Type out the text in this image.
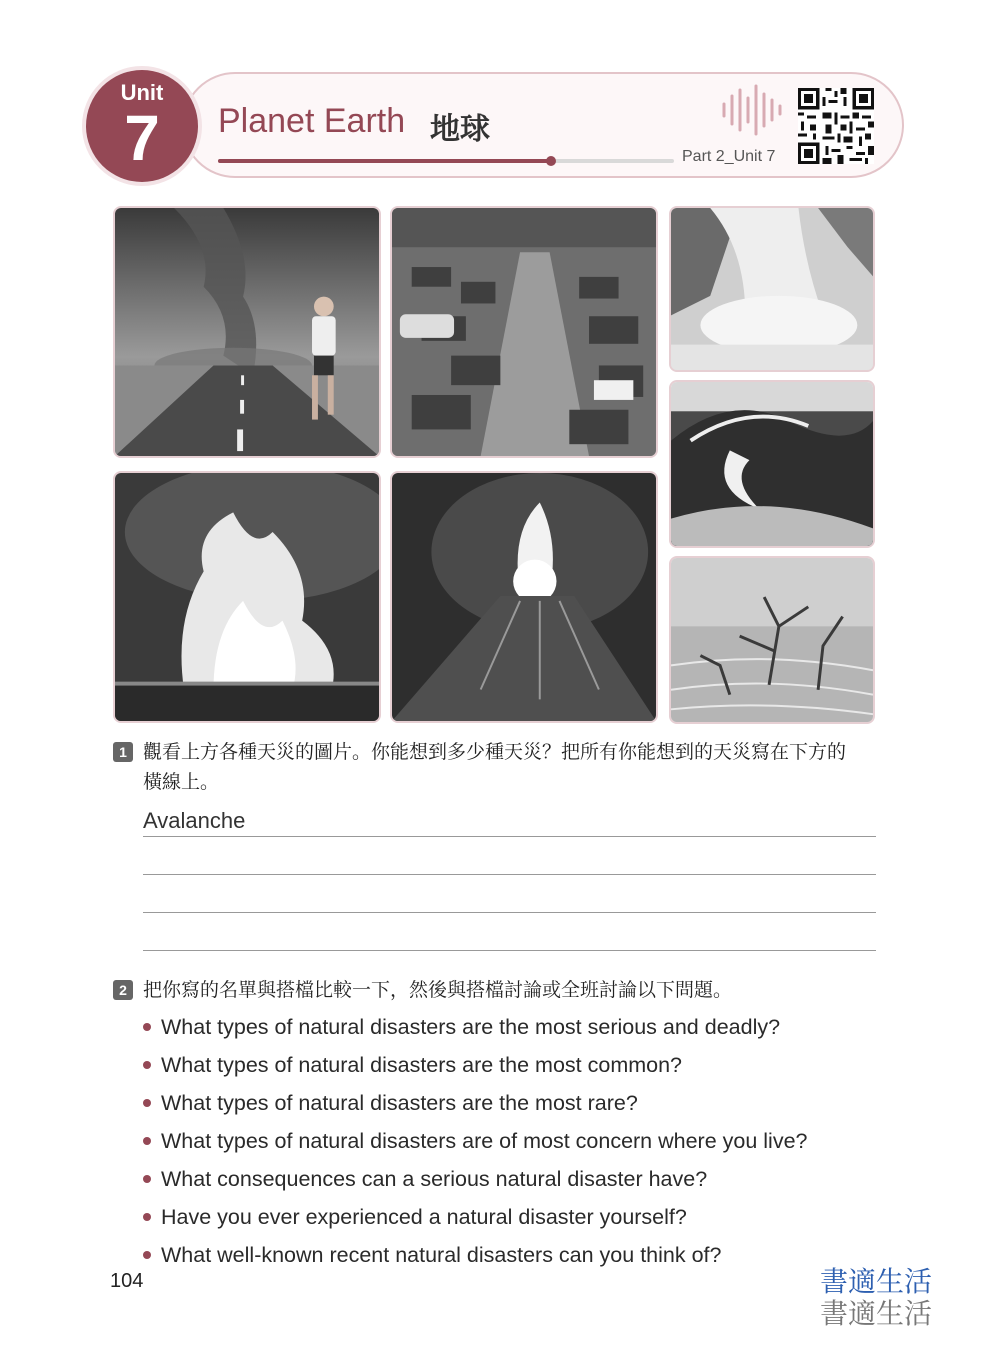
Unit
7	Planet Earth 地球
Part 2_Unit 7
1 觀看上方各種天災的圖片。你能想到多少種天災？把所有你能想到的天災寫在下方的
橫線上。
Avalanche
2 把你寫的名單與搭檔比較一下，然後與搭檔討論或全班討論以下問題。
What types of natural disasters are the most serious and deadly?
What types of natural disasters are the most common?
What types of natural disasters are the most rare?
What types of natural disasters are of most concern where you live?
What consequences can a serious natural disaster have?
Have you ever experienced a natural disaster yourself?
What well-known recent natural disasters can you think of?
104	書適生活
書適生活
